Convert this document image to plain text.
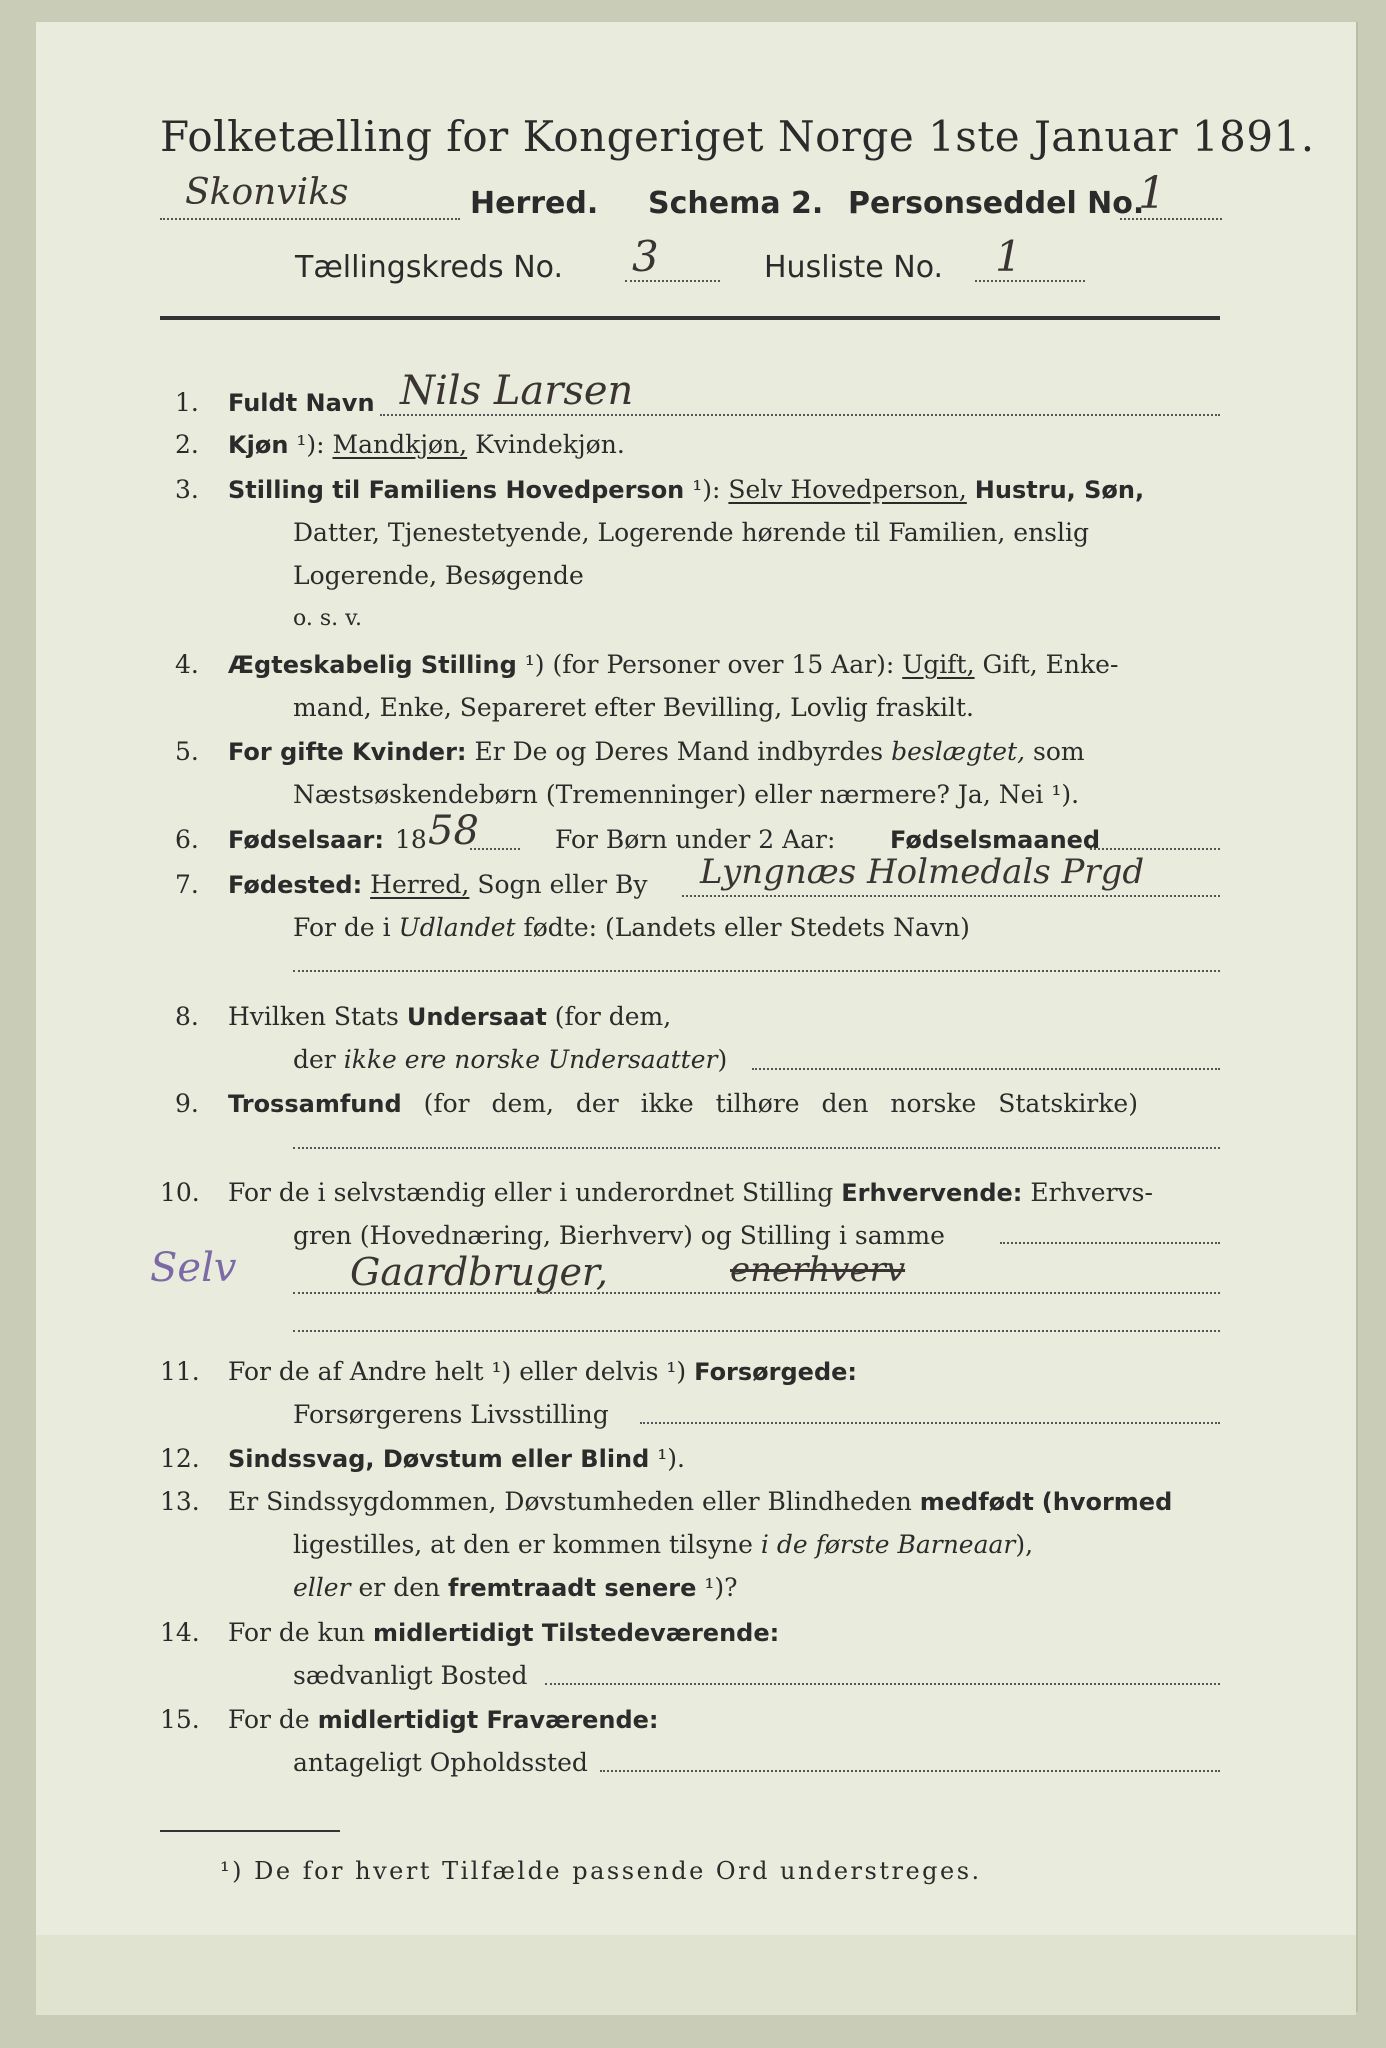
Folketælling for Kongeriget Norge 1ste Januar 1891.
Skonviks	Herred. Schema 2. Personseddel No.
1
Tællingskreds No. 3	Husliste No. 1
1. Fuldt Navn Nils Larsen
2. Kjøn ¹): Mandkjøn, Kvindekjøn.
3. Stilling til Familiens Hovedperson ¹): Selv Hovedperson, Hustru, Søn,
Datter, Tjenestetyende, Logerende hørende til Familien, enslig
Logerende, Besøgende
o. s. v.
4. Ægteskabelig Stilling ¹) (for Personer over 15 Aar): Ugift, Gift, Enke-
mand, Enke, Separeret efter Bevilling, Lovlig fraskilt.
5. For gifte Kvinder: Er De og Deres Mand indbyrdes beslægtet, som
Næstsøskendebørn (Tremenninger) eller nærmere? Ja, Nei ¹).
6. Fødselsaar: 18 58	For Børn under 2 Aar: Fødselsmaaned
7. Fødested: Herred, Sogn eller By Lyngnæs Holmedals Prgd
For de i Udlandet fødte: (Landets eller Stedets Navn)
8. Hvilken Stats Undersaat (for dem,
der ikke ere norske Undersaatter)
9. Trossamfund (for dem, der ikke tilhøre den norske Statskirke)
10. For de i selvstændig eller i underordnet Stilling Erhvervende: Erhvervs-
gren (Hovednæring, Bierhverv) og Stilling i samme
Selv	Gaardbruger,	enerhverv
11. For de af Andre helt ¹) eller delvis ¹) Forsørgede:
Forsørgerens Livsstilling
12. Sindssvag, Døvstum eller Blind ¹).
13. Er Sindssygdommen, Døvstumheden eller Blindheden medfødt (hvormed
ligestilles, at den er kommen tilsyne i de første Barneaar),
eller er den fremtraadt senere ¹)?
14. For de kun midlertidigt Tilstedeværende:
sædvanligt Bosted
15. For de midlertidigt Fraværende:
antageligt Opholdssted
¹) De for hvert Tilfælde passende Ord understreges.
